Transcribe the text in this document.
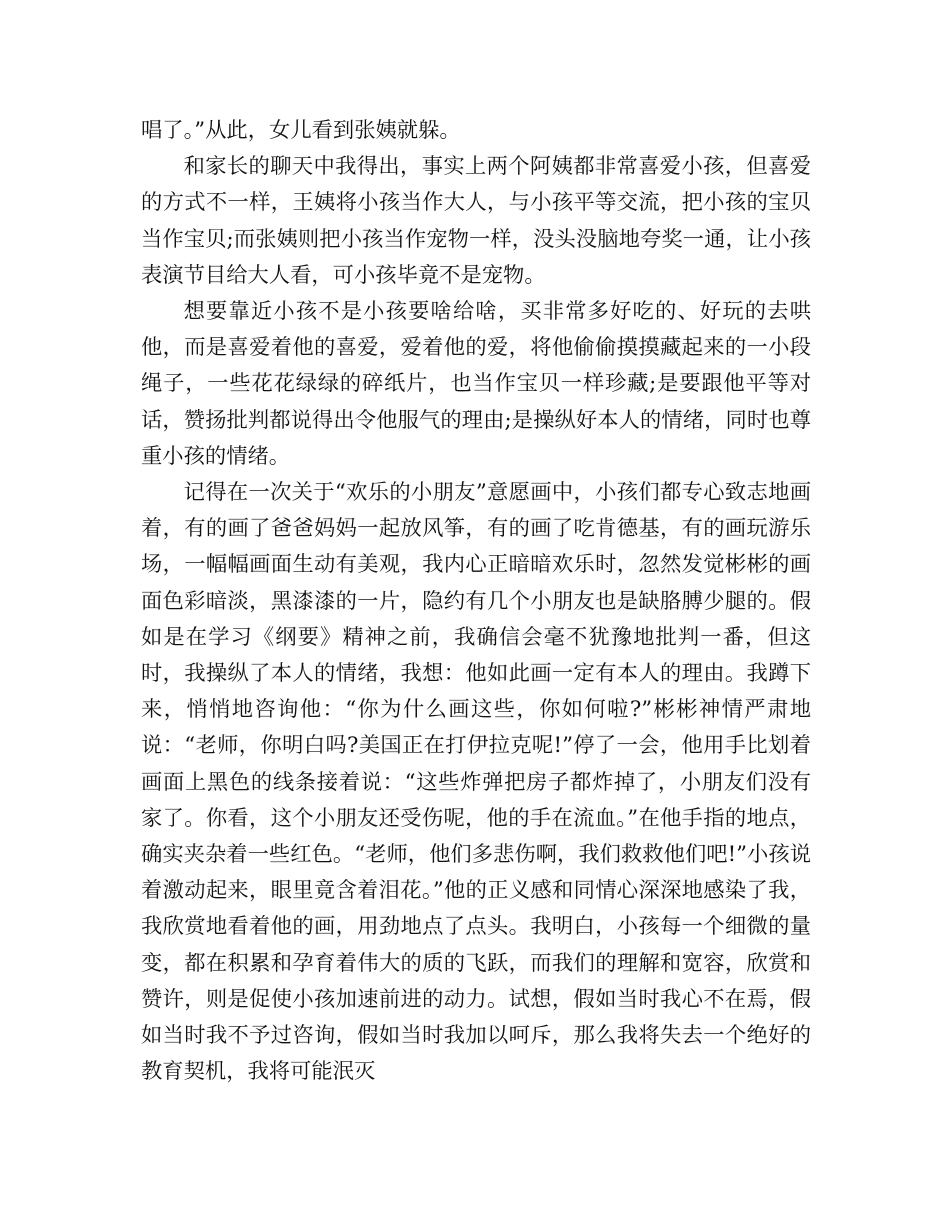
唱了。”从此，女儿看到张姨就躲。

和家长的聊天中我得出，事实上两个阿姨都非常喜爱小孩，但喜爱的方式不一样，王姨将小孩当作大人，与小孩平等交流，把小孩的宝贝当作宝贝;而张姨则把小孩当作宠物一样，没头没脑地夸奖一通，让小孩表演节目给大人看，可小孩毕竟不是宠物。

想要靠近小孩不是小孩要啥给啥，买非常多好吃的、好玩的去哄他，而是喜爱着他的喜爱，爱着他的爱，将他偷偷摸摸藏起来的一小段绳子，一些花花绿绿的碎纸片，也当作宝贝一样珍藏;是要跟他平等对话，赞扬批判都说得出令他服气的理由;是操纵好本人的情绪，同时也尊重小孩的情绪。

记得在一次关于“欢乐的小朋友”意愿画中，小孩们都专心致志地画着，有的画了爸爸妈妈一起放风筝，有的画了吃肯德基，有的画玩游乐场，一幅幅画面生动有美观，我内心正暗暗欢乐时，忽然发觉彬彬的画面色彩暗淡，黑漆漆的一片，隐约有几个小朋友也是缺胳膊少腿的。假如是在学习《纲要》精神之前，我确信会毫不犹豫地批判一番，但这时，我操纵了本人的情绪，我想：他如此画一定有本人的理由。我蹲下来，悄悄地咨询他：“你为什么画这些，你如何啦?”彬彬神情严肃地说：“老师，你明白吗?美国正在打伊拉克呢!”停了一会，他用手比划着画面上黑色的线条接着说：“这些炸弹把房子都炸掉了，小朋友们没有家了。你看，这个小朋友还受伤呢，他的手在流血。”在他手指的地点，确实夹杂着一些红色。“老师，他们多悲伤啊，我们救救他们吧!”小孩说着激动起来，眼里竟含着泪花。”他的正义感和同情心深深地感染了我，我欣赏地看着他的画，用劲地点了点头。我明白，小孩每一个细微的量变，都在积累和孕育着伟大的质的飞跃，而我们的理解和宽容，欣赏和赞许，则是促使小孩加速前进的动力。试想，假如当时我心不在焉，假如当时我不予过咨询，假如当时我加以呵斥，那么我将失去一个绝好的教育契机，我将可能泯灭
